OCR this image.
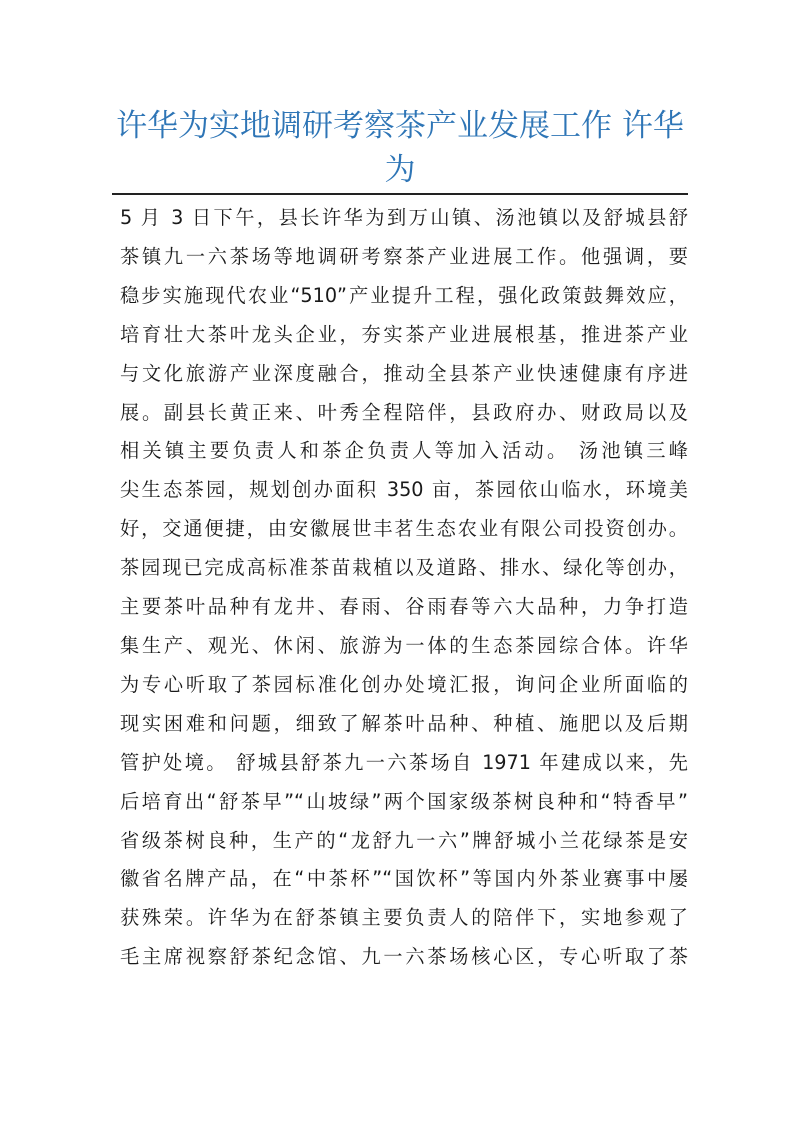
许华为实地调研考察茶产业发展工作 许华
为
5 月 3 日下午，县长许华为到万山镇、汤池镇以及舒城县舒
茶镇九一六茶场等地调研考察茶产业进展工作。他强调，要
稳步实施现代农业“510”产业提升工程，强化政策鼓舞效应，
培育壮大茶叶龙头企业，夯实茶产业进展根基，推进茶产业
与文化旅游产业深度融合，推动全县茶产业快速健康有序进
展。副县长黄正来、叶秀全程陪伴，县政府办、财政局以及
相关镇主要负责人和茶企负责人等加入活动。 汤池镇三峰
尖生态茶园，规划创办面积 350 亩，茶园依山临水，环境美
好，交通便捷，由安徽展世丰茗生态农业有限公司投资创办。
茶园现已完成高标准茶苗栽植以及道路、排水、绿化等创办，
主要茶叶品种有龙井、春雨、谷雨春等六大品种，力争打造
集生产、观光、休闲、旅游为一体的生态茶园综合体。许华
为专心听取了茶园标准化创办处境汇报，询问企业所面临的
现实困难和问题，细致了解茶叶品种、种植、施肥以及后期
管护处境。 舒城县舒茶九一六茶场自 1971 年建成以来，先
后培育出“舒茶早”“山坡绿”两个国家级茶树良种和“特香早”
省级茶树良种，生产的“龙舒九一六”牌舒城小兰花绿茶是安
徽省名牌产品，在“中茶杯”“国饮杯”等国内外茶业赛事中屡
获殊荣。许华为在舒茶镇主要负责人的陪伴下，实地参观了
毛主席视察舒茶纪念馆、九一六茶场核心区，专心听取了茶
